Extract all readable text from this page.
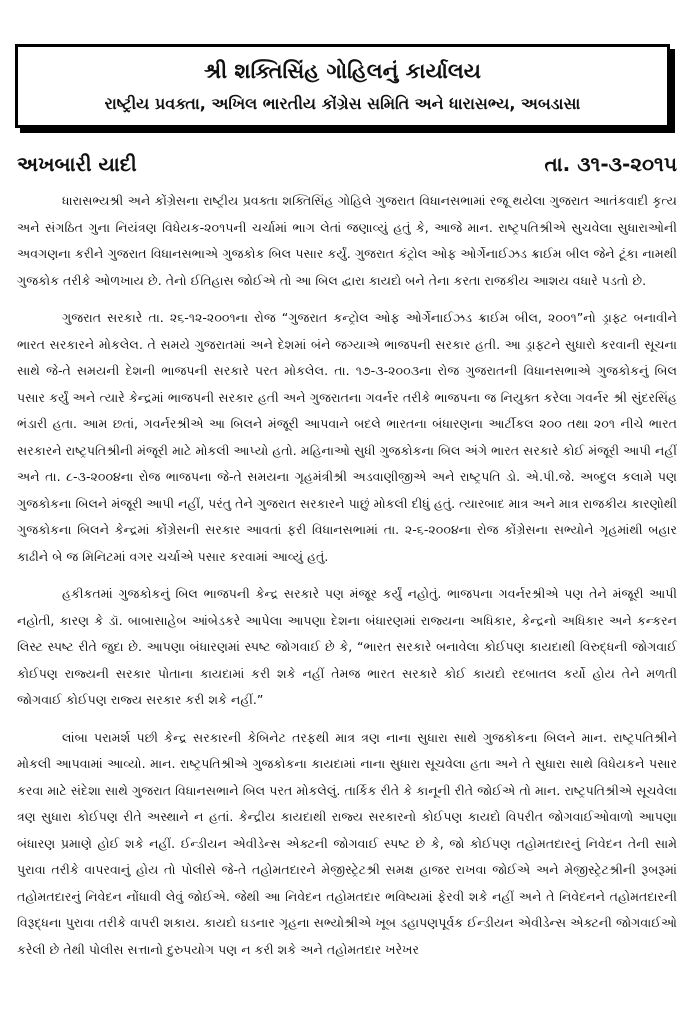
શ્રી શક્તિસિંહ ગોહિલનું કાર્યાલય
રાષ્ટ્રીય પ્રવક્તા, અખિલ ભારતીય કોંગ્રેસ સમિતિ અને ધારાસભ્ય, અબડાસા
અખબારી યાદી	તા. ૩૧-૩-૨૦૧૫

ધારાસભ્યશ્રી અને કોંગ્રેસના રાષ્ટ્રીય પ્રવક્તા શક્તિસિંહ ગોહિલે ગુજરાત વિધાનસભામાં રજૂ થયેલા ગુજરાત આતંકવાદી કૃત્ય અને સંગઠિત ગુના નિયંત્રણ વિધેયક-૨૦૧૫ની ચર્ચામાં ભાગ લેતાં જણાવ્યું હતું કે, આજે માન. રાષ્ટ્રપતિશ્રીએ સુચવેલા સુધારાઓની અવગણના કરીને ગુજરાત વિધાનસભાએ ગુજકોક બિલ પસાર કર્યું. ગુજરાત કંટ્રોલ ઓફ ઓર્ગેનાઈઝડ ક્રાઈમ બીલ જેને ટૂંકા નામથી ગુજકોક તરીકે ઓળખાય છે. તેનો ઈતિહાસ જોઈએ તો આ બિલ દ્વારા કાયદો બને તેના કરતા રાજકીય આશય વધારે પડતો છે.

ગુજરાત સરકારે તા. ૨૬-૧૨-૨૦૦૧ના રોજ “ગુજરાત કન્ટ્રોલ ઓફ ઓર્ગેનાઈઝડ ક્રાઈમ બીલ, ૨૦૦૧”નો ડ્રાફ્ટ બનાવીને ભારત સરકારને મોકલેલ. તે સમયે ગુજરાતમાં અને દેશમાં બંને જગ્યાએ ભાજપની સરકાર હતી. આ ડ્રાફ્ટને સુધારો કરવાની સૂચના સાથે જે-તે સમયની દેશની ભાજપની સરકારે પરત મોકલેલ. તા. ૧૭-૩-૨૦૦૩ના રોજ ગુજરાતની વિધાનસભાએ ગુજકોકનું બિલ પસાર કર્યું અને ત્યારે કેન્દ્રમાં ભાજપની સરકાર હતી અને ગુજરાતના ગવર્નર તરીકે ભાજપના જ નિયુક્ત કરેલા ગવર્નર શ્રી સુંદરસિંહ ભંડારી હતા. આમ છતાં, ગવર્નરશ્રીએ આ બિલને મંજૂરી આપવાને બદલે ભારતના બંધારણના આર્ટીકલ ૨૦૦ તથા ૨૦૧ નીચે ભારત સરકારને રાષ્ટ્રપતિશ્રીની મંજૂરી માટે મોકલી આપ્યો હતો. મહિનાઓ સુધી ગુજકોકના બિલ અંગે ભારત સરકારે કોઈ મંજૂરી આપી નહીં અને તા. ૮-૩-૨૦૦૪ના રોજ ભાજપના જે-તે સમયના ગૃહમંત્રીશ્રી અડવાણીજીએ અને રાષ્ટ્રપતિ ડો. એ.પી.જે. અબ્દુલ કલામે પણ ગુજકોકના બિલને મંજૂરી આપી નહીં, પરંતુ તેને ગુજરાત સરકારને પાછું મોકલી દીધું હતું. ત્યારબાદ માત્ર અને માત્ર રાજકીય કારણોથી ગુજકોકના બિલને કેન્દ્રમાં કોંગ્રેસની સરકાર આવતાં ફરી વિધાનસભામાં તા. ૨-૬-૨૦૦૪ના રોજ કોંગ્રેસના સભ્યોને ગૃહમાંથી બહાર કાઢીને બે જ મિનિટમાં વગર ચર્ચાએ પસાર કરવામાં આવ્યું હતું.

હકીકતમાં ગુજકોકનું બિલ ભાજપની કેન્દ્ર સરકારે પણ મંજૂર કર્યું નહોતું. ભાજપના ગવર્નરશ્રીએ પણ તેને મંજૂરી આપી નહોતી, કારણ કે ડૉ. બાબાસાહેબ આંબેડકરે આપેલા આપણા દેશના બંધારણમાં રાજ્યના અધિકાર, કેન્દ્રનો અધિકાર અને કન્કરન લિસ્ટ સ્પષ્ટ રીતે જુદા છે. આપણા બંધારણમાં સ્પષ્ટ જોગવાઈ છે કે, “ભારત સરકારે બનાવેલા કોઈપણ કાયદાથી વિરુદ્ધની જોગવાઈ કોઈપણ રાજ્યની સરકાર પોતાના કાયદામાં કરી શકે નહીં તેમજ ભારત સરકારે કોઈ કાયદો રદબાતલ કર્યો હોય તેને મળતી જોગવાઈ કોઈપણ રાજ્ય સરકાર કરી શકે નહીં.”

લાંબા પરામર્શ પછી કેન્દ્ર સરકારની કેબિનેટ તરફથી માત્ર ત્રણ નાના સુધારા સાથે ગુજકોકના બિલને માન. રાષ્ટ્રપતિશ્રીને મોકલી આપવામાં આવ્યો. માન. રાષ્ટ્રપતિશ્રીએ ગુજકોકના કાયદામાં નાના સુધારા સૂચવેલા હતા અને તે સુધારા સાથે વિધેયકને પસાર કરવા માટે સંદેશા સાથે ગુજરાત વિધાનસભાને બિલ પરત મોકલેલું. તાર્કિક રીતે કે કાનૂની રીતે જોઈએ તો માન. રાષ્ટ્રપતિશ્રીએ સૂચવેલા ત્રણ સુધારા કોઈપણ રીતે અસ્થાને ન હતાં. કેન્દ્રીય કાયદાથી રાજ્ય સરકારનો કોઈપણ કાયદો વિપરીત જોગવાઈઓવાળો આપણા બંધારણ પ્રમાણે હોઈ શકે નહીં. ઈન્ડીયન એવીડેન્સ એક્ટની જોગવાઈ સ્પષ્ટ છે કે, જો કોઈપણ તહોમતદારનું નિવેદન તેની સામે પુરાવા તરીકે વાપરવાનું હોય તો પોલીસે જે-તે તહોમતદારને મેજીસ્ટ્રેટશ્રી સમક્ષ હાજર રાખવા જોઈએ અને મેજીસ્ટ્રેટશ્રીની રૂબરૂમાં તહોમતદારનું નિવેદન નોંધાવી લેવું જોઈએ. જેથી આ નિવેદન તહોમતદાર ભવિષ્યમાં ફેરવી શકે નહીં અને તે નિવેદનને તહોમતદારની વિરૂદ્ધના પુરાવા તરીકે વાપરી શકાય. કાયદો ઘડનાર ગૃહના સભ્યોશ્રીએ ખૂબ ડહાપણપૂર્વક ઈન્ડીયન એવીડેન્સ એક્ટની જોગવાઈઓ કરેલી છે તેથી પોલીસ સત્તાનો દુરુપયોગ પણ ન કરી શકે અને તહોમતદાર ખરેખર
